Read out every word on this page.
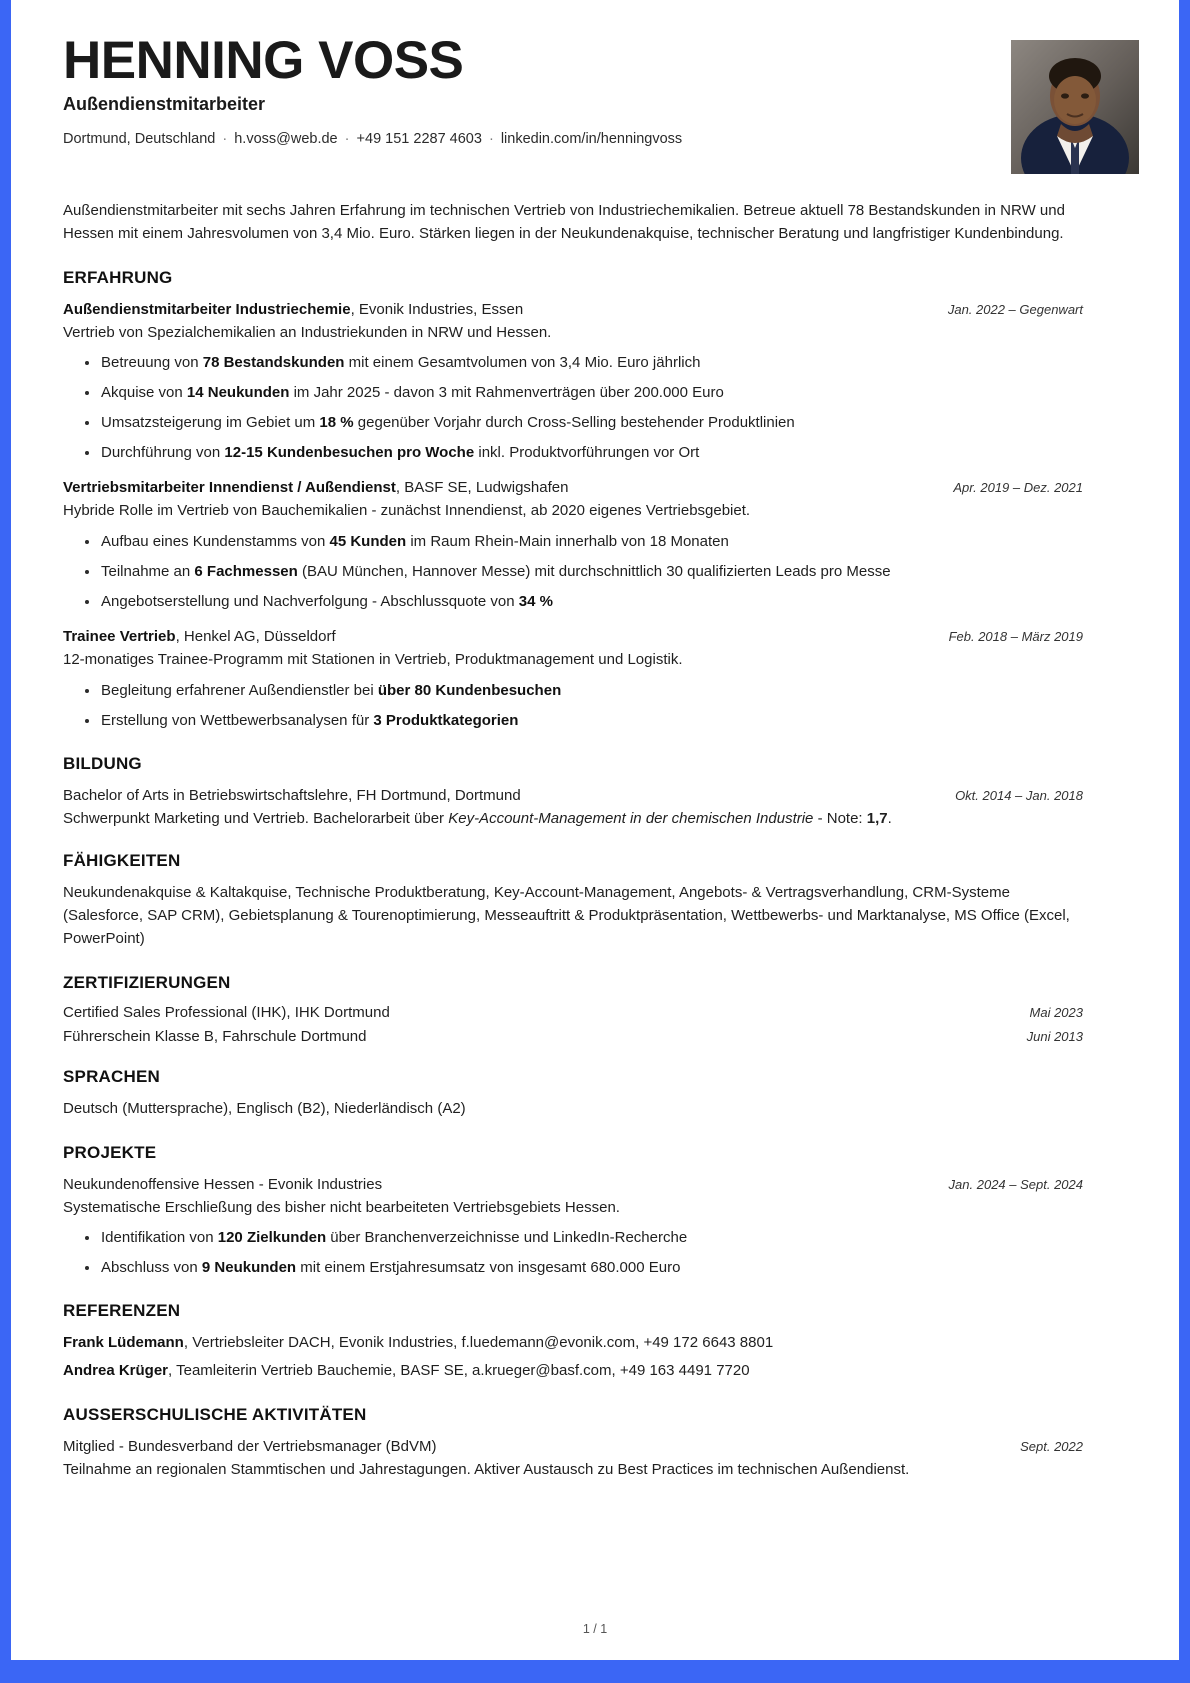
HENNING VOSS
Außendienstmitarbeiter
Dortmund, Deutschland · h.voss@web.de · +49 151 2287 4603 · linkedin.com/in/henningvoss

Außendienstmitarbeiter mit sechs Jahren Erfahrung im technischen Vertrieb von Industriechemikalien. Betreue aktuell 78 Bestandskunden in NRW und Hessen mit einem Jahresvolumen von 3,4 Mio. Euro. Stärken liegen in der Neukundenakquise, technischer Beratung und langfristiger Kundenbindung.

ERFAHRUNG
Außendienstmitarbeiter Industriechemie, Evonik Industries, Essen	Jan. 2022 – Gegenwart

Vertrieb von Spezialchemikalien an Industriekunden in NRW und Hessen.

Betreuung von 78 Bestandskunden mit einem Gesamtvolumen von 3,4 Mio. Euro jährlich
Akquise von 14 Neukunden im Jahr 2025 - davon 3 mit Rahmenverträgen über 200.000 Euro
Umsatzsteigerung im Gebiet um 18 % gegenüber Vorjahr durch Cross-Selling bestehender Produktlinien
Durchführung von 12-15 Kundenbesuchen pro Woche inkl. Produktvorführungen vor Ort
Vertriebsmitarbeiter Innendienst / Außendienst, BASF SE, Ludwigshafen	Apr. 2019 – Dez. 2021

Hybride Rolle im Vertrieb von Bauchemikalien - zunächst Innendienst, ab 2020 eigenes Vertriebsgebiet.

Aufbau eines Kundenstamms von 45 Kunden im Raum Rhein-Main innerhalb von 18 Monaten
Teilnahme an 6 Fachmessen (BAU München, Hannover Messe) mit durchschnittlich 30 qualifizierten Leads pro Messe
Angebotserstellung und Nachverfolgung - Abschlussquote von 34 %
Trainee Vertrieb, Henkel AG, Düsseldorf	Feb. 2018 – März 2019

12-monatiges Trainee-Programm mit Stationen in Vertrieb, Produktmanagement und Logistik.

Begleitung erfahrener Außendienstler bei über 80 Kundenbesuchen
Erstellung von Wettbewerbsanalysen für 3 Produktkategorien
BILDUNG
Bachelor of Arts in Betriebswirtschaftslehre, FH Dortmund, Dortmund	Okt. 2014 – Jan. 2018

Schwerpunkt Marketing und Vertrieb. Bachelorarbeit über Key-Account-Management in der chemischen Industrie - Note: 1,7.

FÄHIGKEITEN

Neukundenakquise & Kaltakquise, Technische Produktberatung, Key-Account-Management, Angebots- & Vertragsverhandlung, CRM-Systeme (Salesforce, SAP CRM), Gebietsplanung & Tourenoptimierung, Messeauftritt & Produktpräsentation, Wettbewerbs- und Marktanalyse, MS Office (Excel, PowerPoint)

ZERTIFIZIERUNGEN
Certified Sales Professional (IHK), IHK Dortmund	Mai 2023
Führerschein Klasse B, Fahrschule Dortmund	Juni 2013
SPRACHEN

Deutsch (Muttersprache), Englisch (B2), Niederländisch (A2)

PROJEKTE
Neukundenoffensive Hessen - Evonik Industries	Jan. 2024 – Sept. 2024

Systematische Erschließung des bisher nicht bearbeiteten Vertriebsgebiets Hessen.

Identifikation von 120 Zielkunden über Branchenverzeichnisse und LinkedIn-Recherche
Abschluss von 9 Neukunden mit einem Erstjahresumsatz von insgesamt 680.000 Euro
REFERENZEN
Frank Lüdemann, Vertriebsleiter DACH, Evonik Industries, f.luedemann@evonik.com, +49 172 6643 8801
Andrea Krüger, Teamleiterin Vertrieb Bauchemie, BASF SE, a.krueger@basf.com, +49 163 4491 7720
AUSSERSCHULISCHE AKTIVITÄTEN
Mitglied - Bundesverband der Vertriebsmanager (BdVM)	Sept. 2022

Teilnahme an regionalen Stammtischen und Jahrestagungen. Aktiver Austausch zu Best Practices im technischen Außendienst.

1 / 1
